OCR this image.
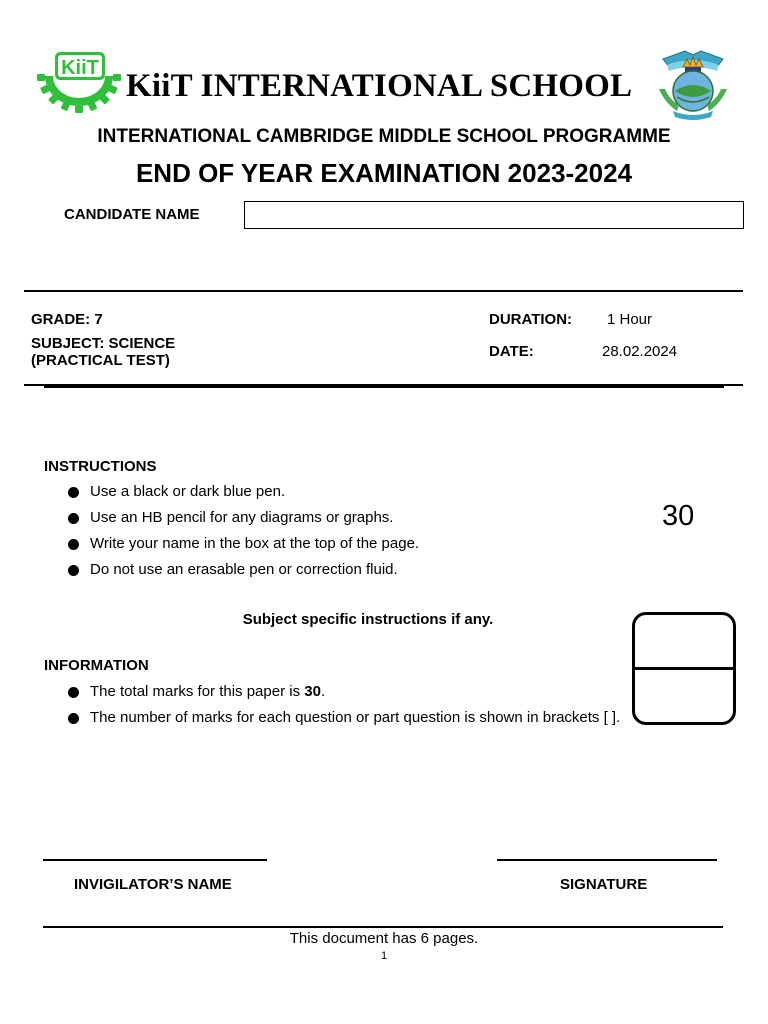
KiiT KiiT INTERNATIONAL SCHOOL
INTERNATIONAL CAMBRIDGE MIDDLE SCHOOL PROGRAMME
END OF YEAR EXAMINATION 2023-2024
CANDIDATE NAME
GRADE: 7
SUBJECT: SCIENCE
(PRACTICAL TEST)
DURATION: 1 Hour
DATE:	28.02.2024
INSTRUCTIONS
Use a black or dark blue pen.
Use an HB pencil for any diagrams or graphs.
Write your name in the box at the top of the page.
Do not use an erasable pen or correction fluid.
30
Subject specific instructions if any.
INFORMATION
The total marks for this paper is 30.
The number of marks for each question or part question is shown in brackets [ ].
INVIGILATOR’S NAME	SIGNATURE
This document has 6 pages.
1
